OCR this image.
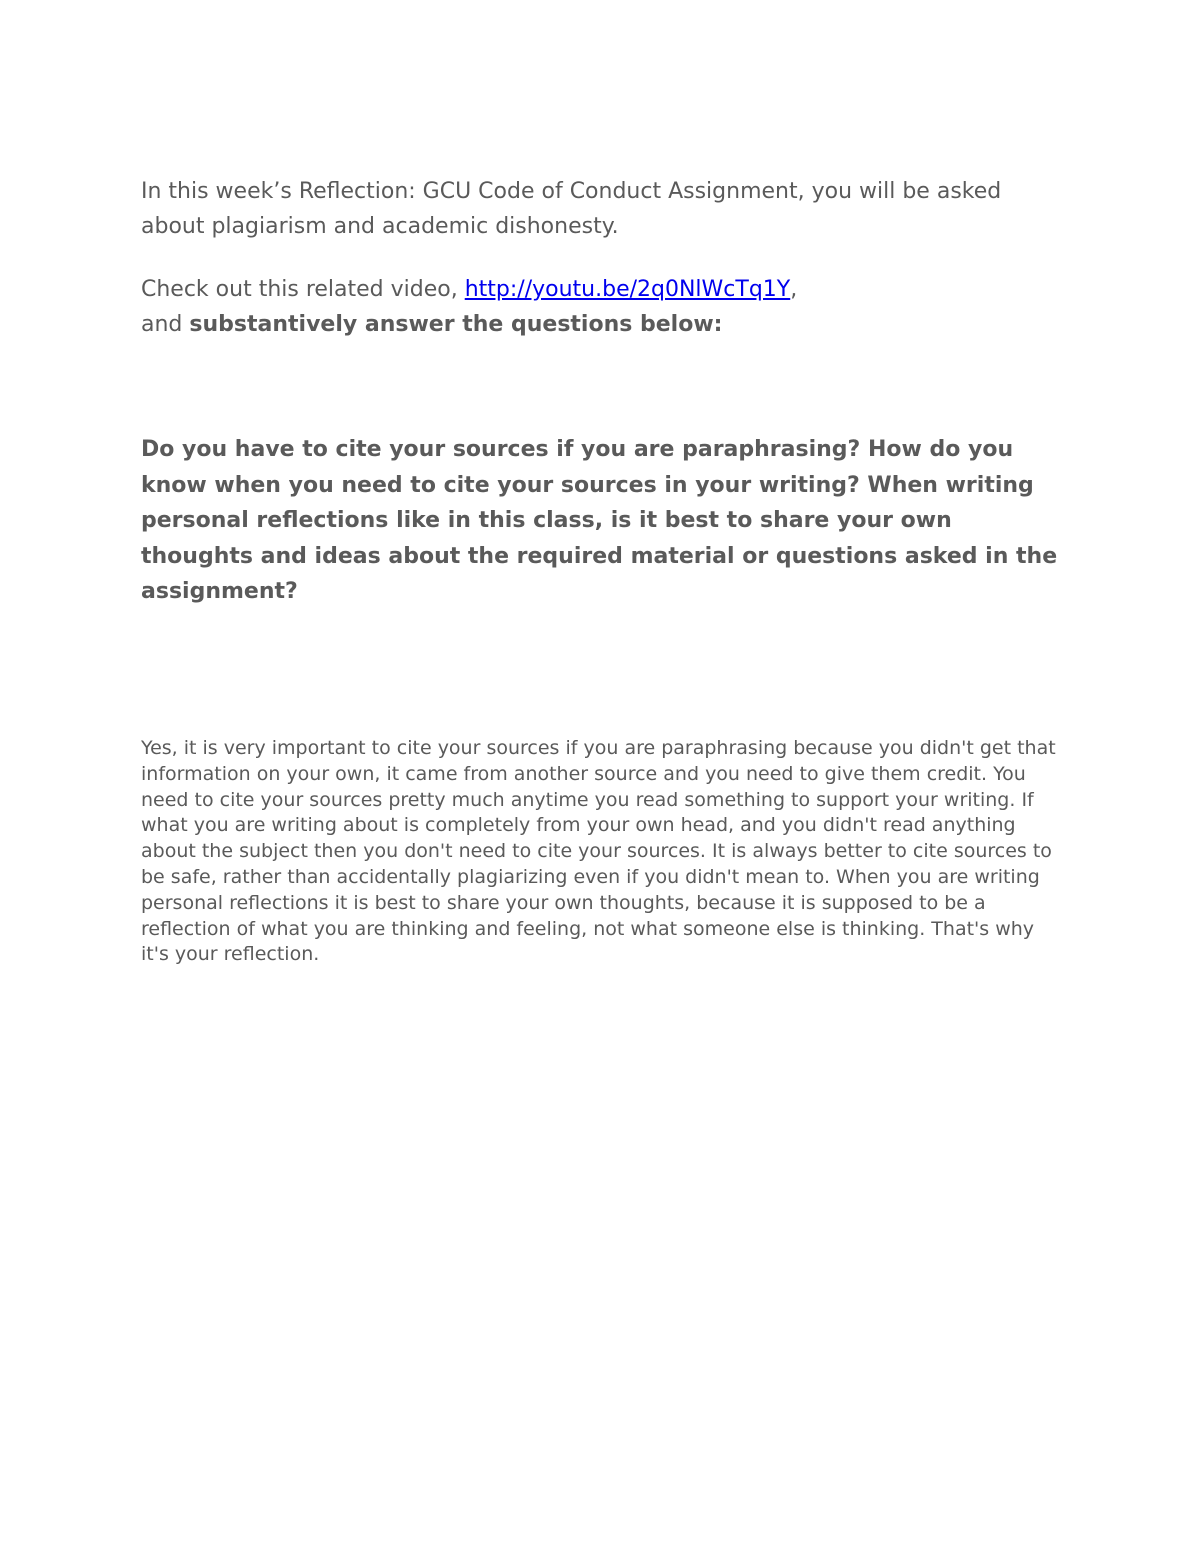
In this week’s Reflection: GCU Code of Conduct Assignment, you will be asked about plagiarism and academic dishonesty.

Check out this related video, http://youtu.be/2q0NlWcTq1Y,
and substantively answer the questions below:

Do you have to cite your sources if you are paraphrasing? How do you know when you need to cite your sources in your writing? When writing personal reflections like in this class, is it best to share your own thoughts and ideas about the required material or questions asked in the assignment?

Yes, it is very important to cite your sources if you are paraphrasing because you didn't get that information on your own, it came from another source and you need to give them credit. You need to cite your sources pretty much anytime you read something to support your writing. If what you are writing about is completely from your own head, and you didn't read anything about the subject then you don't need to cite your sources. It is always better to cite sources to be safe, rather than accidentally plagiarizing even if you didn't mean to. When you are writing personal reflections it is best to share your own thoughts, because it is supposed to be a reflection of what you are thinking and feeling, not what someone else is thinking. That's why it's your reflection.
